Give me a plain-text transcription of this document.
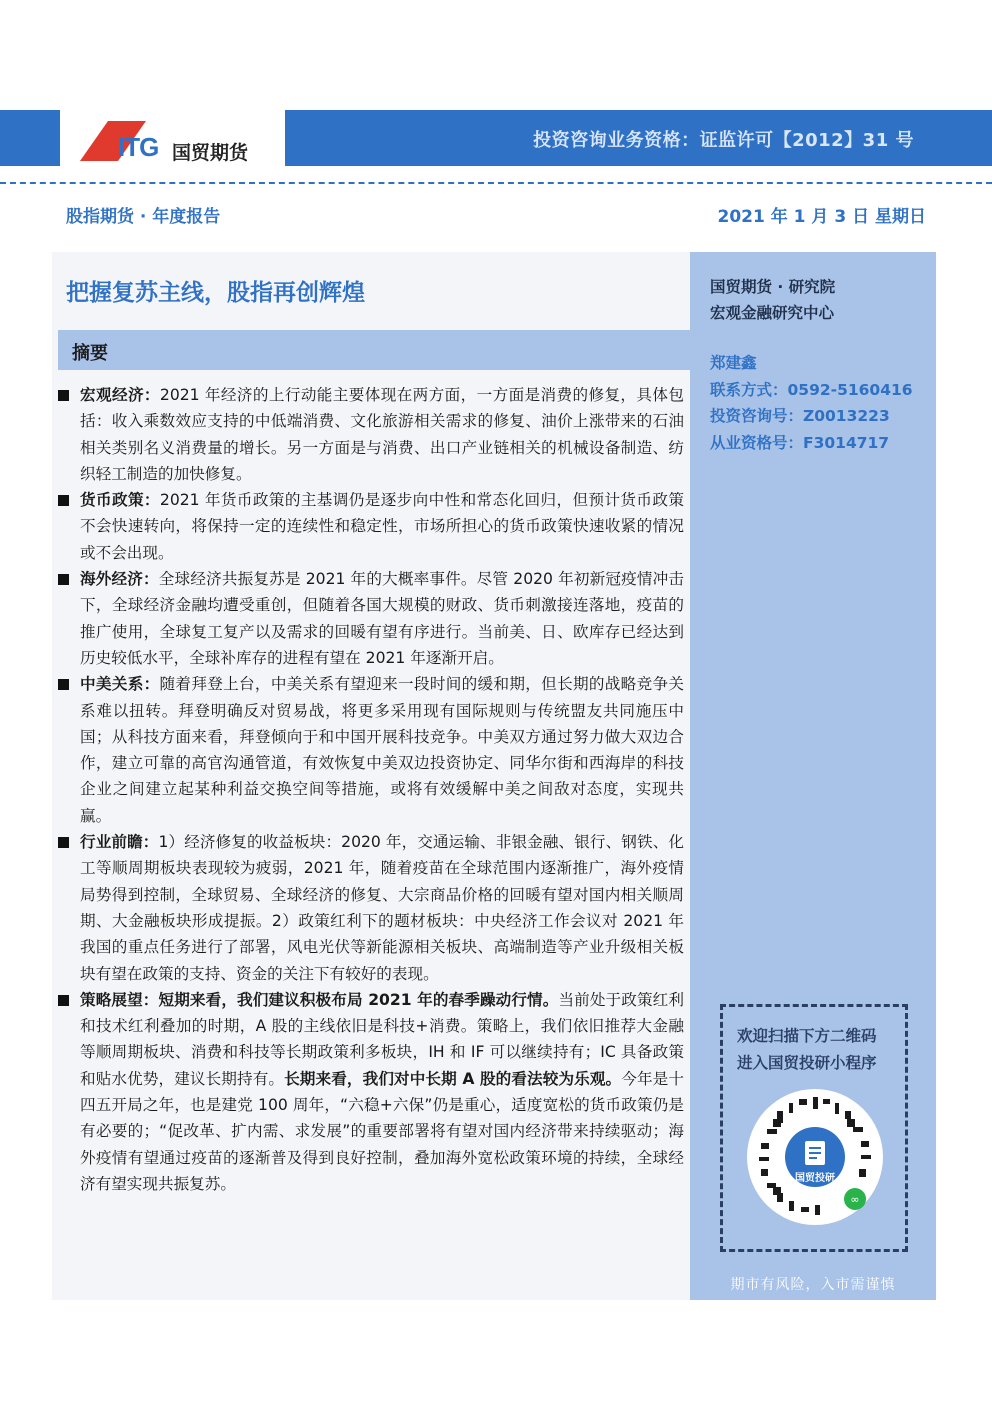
ITG 国贸期货
投资咨询业务资格：证监许可【2012】31 号
股指期货 · 年度报告	2021 年 1 月 3 日 星期日
把握复苏主线，股指再创辉煌
摘要
宏观经济：2021 年经济的上行动能主要体现在两方面，一方面是消费的修复，具体包括：收入乘数效应支持的中低端消费、文化旅游相关需求的修复、油价上涨带来的石油相关类别名义消费量的增长。另一方面是与消费、出口产业链相关的机械设备制造、纺织轻工制造的加快修复。
货币政策：2021 年货币政策的主基调仍是逐步向中性和常态化回归，但预计货币政策不会快速转向，将保持一定的连续性和稳定性，市场所担心的货币政策快速收紧的情况或不会出现。
海外经济：全球经济共振复苏是 2021 年的大概率事件。尽管 2020 年初新冠疫情冲击下，全球经济金融均遭受重创，但随着各国大规模的财政、货币刺激接连落地，疫苗的推广使用，全球复工复产以及需求的回暖有望有序进行。当前美、日、欧库存已经达到历史较低水平，全球补库存的进程有望在 2021 年逐渐开启。
中美关系：随着拜登上台，中美关系有望迎来一段时间的缓和期，但长期的战略竞争关系难以扭转。拜登明确反对贸易战，将更多采用现有国际规则与传统盟友共同施压中国；从科技方面来看，拜登倾向于和中国开展科技竞争。中美双方通过努力做大双边合作，建立可靠的高官沟通管道，有效恢复中美双边投资协定、同华尔街和西海岸的科技企业之间建立起某种利益交换空间等措施，或将有效缓解中美之间敌对态度，实现共赢。
行业前瞻：1）经济修复的收益板块：2020 年，交通运输、非银金融、银行、钢铁、化工等顺周期板块表现较为疲弱，2021 年，随着疫苗在全球范围内逐渐推广，海外疫情局势得到控制，全球贸易、全球经济的修复、大宗商品价格的回暖有望对国内相关顺周期、大金融板块形成提振。2）政策红利下的题材板块：中央经济工作会议对 2021 年我国的重点任务进行了部署，风电光伏等新能源相关板块、高端制造等产业升级相关板块有望在政策的支持、资金的关注下有较好的表现。
策略展望：短期来看，我们建议积极布局 2021 年的春季躁动行情。当前处于政策红利和技术红利叠加的时期，A 股的主线依旧是科技+消费。策略上，我们依旧推荐大金融等顺周期板块、消费和科技等长期政策利多板块，IH 和 IF 可以继续持有；IC 具备政策和贴水优势，建议长期持有。长期来看，我们对中长期 A 股的看法较为乐观。今年是十四五开局之年，也是建党 100 周年，“六稳+六保”仍是重心，适度宽松的货币政策仍是有必要的；“促改革、扩内需、求发展”的重要部署将有望对国内经济带来持续驱动；海外疫情有望通过疫苗的逐渐普及得到良好控制，叠加海外宽松政策环境的持续，全球经济有望实现共振复苏。
国贸期货 · 研究院
宏观金融研究中心
郑建鑫
联系方式：0592-5160416
投资咨询号：Z0013223
从业资格号：F3014717
欢迎扫描下方二维码
进入国贸投研小程序
∞
国贸投研
期市有风险，入市需谨慎
